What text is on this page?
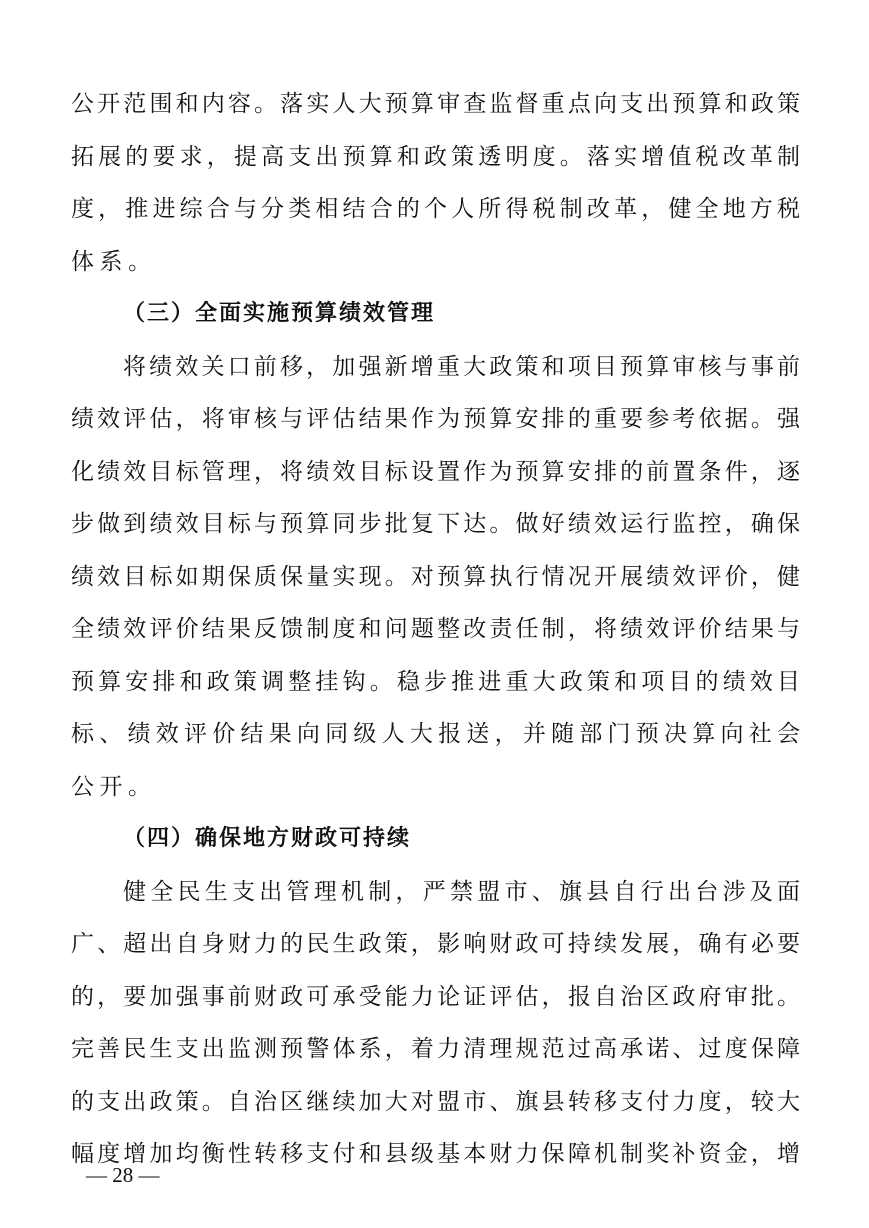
公开范围和内容。落实人大预算审查监督重点向支出预算和政策
拓展的要求，提高支出预算和政策透明度。落实增值税改革制
度，推进综合与分类相结合的个人所得税制改革，健全地方税
体系。
（三）全面实施预算绩效管理
将绩效关口前移，加强新增重大政策和项目预算审核与事前
绩效评估，将审核与评估结果作为预算安排的重要参考依据。强
化绩效目标管理，将绩效目标设置作为预算安排的前置条件，逐
步做到绩效目标与预算同步批复下达。做好绩效运行监控，确保
绩效目标如期保质保量实现。对预算执行情况开展绩效评价，健
全绩效评价结果反馈制度和问题整改责任制，将绩效评价结果与
预算安排和政策调整挂钩。稳步推进重大政策和项目的绩效目
标、绩效评价结果向同级人大报送，并随部门预决算向社会
公开。
（四）确保地方财政可持续
健全民生支出管理机制，严禁盟市、旗县自行出台涉及面
广、超出自身财力的民生政策，影响财政可持续发展，确有必要
的，要加强事前财政可承受能力论证评估，报自治区政府审批。
完善民生支出监测预警体系，着力清理规范过高承诺、过度保障
的支出政策。自治区继续加大对盟市、旗县转移支付力度，较大
幅度增加均衡性转移支付和县级基本财力保障机制奖补资金，增
— 28 —
